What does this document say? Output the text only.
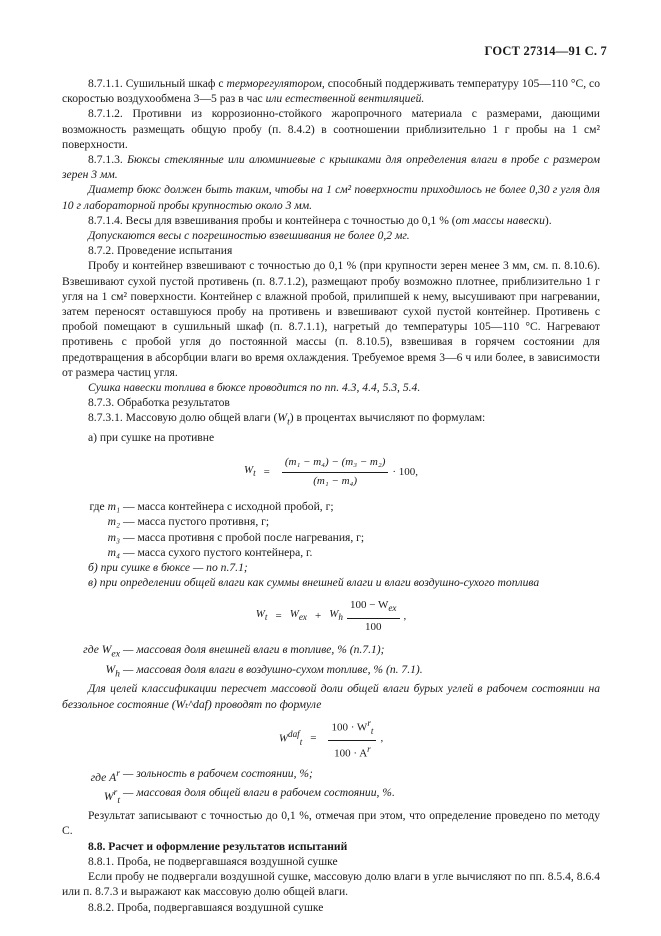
ГОСТ 27314—91 С. 7

8.7.1.1. Сушильный шкаф с терморегулятором, способный поддерживать температуру 105—110 °С, со скоростью воздухообмена 3—5 раз в час или естественной вентиляцией.

8.7.1.2. Противни из коррозионно-стойкого жаропрочного материала с размерами, дающими возможность размещать общую пробу (п. 8.4.2) в соотношении приблизительно 1 г пробы на 1 см² поверхности.

8.7.1.3. Бюксы стеклянные или алюминиевые с крышками для определения влаги в пробе с размером зерен 3 мм.

Диаметр бюкс должен быть таким, чтобы на 1 см² поверхности приходилось не более 0,30 г угля для 10 г лабораторной пробы крупностью около 3 мм.

8.7.1.4. Весы для взвешивания пробы и контейнера с точностью до 0,1 % (от массы навески).

Допускаются весы с погрешностью взвешивания не более 0,2 мг.

8.7.2. Проведение испытания

Пробу и контейнер взвешивают с точностью до 0,1 % (при крупности зерен менее 3 мм, см. п. 8.10.6). Взвешивают сухой пустой противень (п. 8.7.1.2), размещают пробу возможно плотнее, приблизительно 1 г угля на 1 см² поверхности. Контейнер с влажной пробой, прилипшей к нему, высушивают при нагревании, затем переносят оставшуюся пробу на противень и взвешивают сухой пустой контейнер. Противень с пробой помещают в сушильный шкаф (п. 8.7.1.1), нагретый до температуры 105—110 °С. Нагревают противень с пробой угля до постоянной массы (п. 8.10.5), взвешивая в горячем состоянии для предотвращения в абсорбции влаги во время охлаждения. Требуемое время 3—6 ч или более, в зависимости от размера частиц угля.

Сушка навески топлива в бюксе проводится по пп. 4.3, 4.4, 5.3, 5.4.

8.7.3. Обработка результатов

8.7.3.1. Массовую долю общей влаги $(W_t)$ в процентах вычисляют по формулам:

а) при сушке на противне

$W_t = \frac{\text{(m₁ − m₄) − (m₃ − m₂)}}{\text{(m₁ − m₄)}} \cdot 100$,
где m₁ — масса контейнера с исходной пробой, г;
m₂ — масса пустого противня, г;
m₃ — масса противня с пробой после нагревания, г;
m₄ — масса сухого пустого контейнера, г.

б) при сушке в бюксе — по п.7.1;

в) при определении общей влаги как суммы внешней влаги и влаги воздушно-сухого топлива

$W_t = W_{ex} + W_h \frac{100 - W_{ex}}{100}$ ,
где $W_{ex}$ — массовая доля внешней влаги в топливе, % (п.7.1);
$W_h$ — массовая доля влаги в воздушно-сухом топливе, % (п. 7.1).

Для целей классификации пересчет массовой доли общей влаги бурых углей в рабочем состоянии на беззольное состояние (Wₜ^daf) проводят по формуле

$W^{daf}_t = \frac{100 \cdot W^r_t}{100 \cdot A^r}$ ,
где $A^r$ — зольность в рабочем состоянии, %;
$W^r_t$
— массовая доля общей влаги в рабочем состоянии, %.

Результат записывают с точностью до 0,1 %, отмечая при этом, что определение проведено по методу С.

8.8. Расчет и оформление результатов испытаний

8.8.1. Проба, не подвергавшаяся воздушной сушке

Если пробу не подвергали воздушной сушке, массовую долю влаги в угле вычисляют по пп. 8.5.4, 8.6.4 или п. 8.7.3 и выражают как массовую долю общей влаги.

8.8.2. Проба, подвергавшаяся воздушной сушке
